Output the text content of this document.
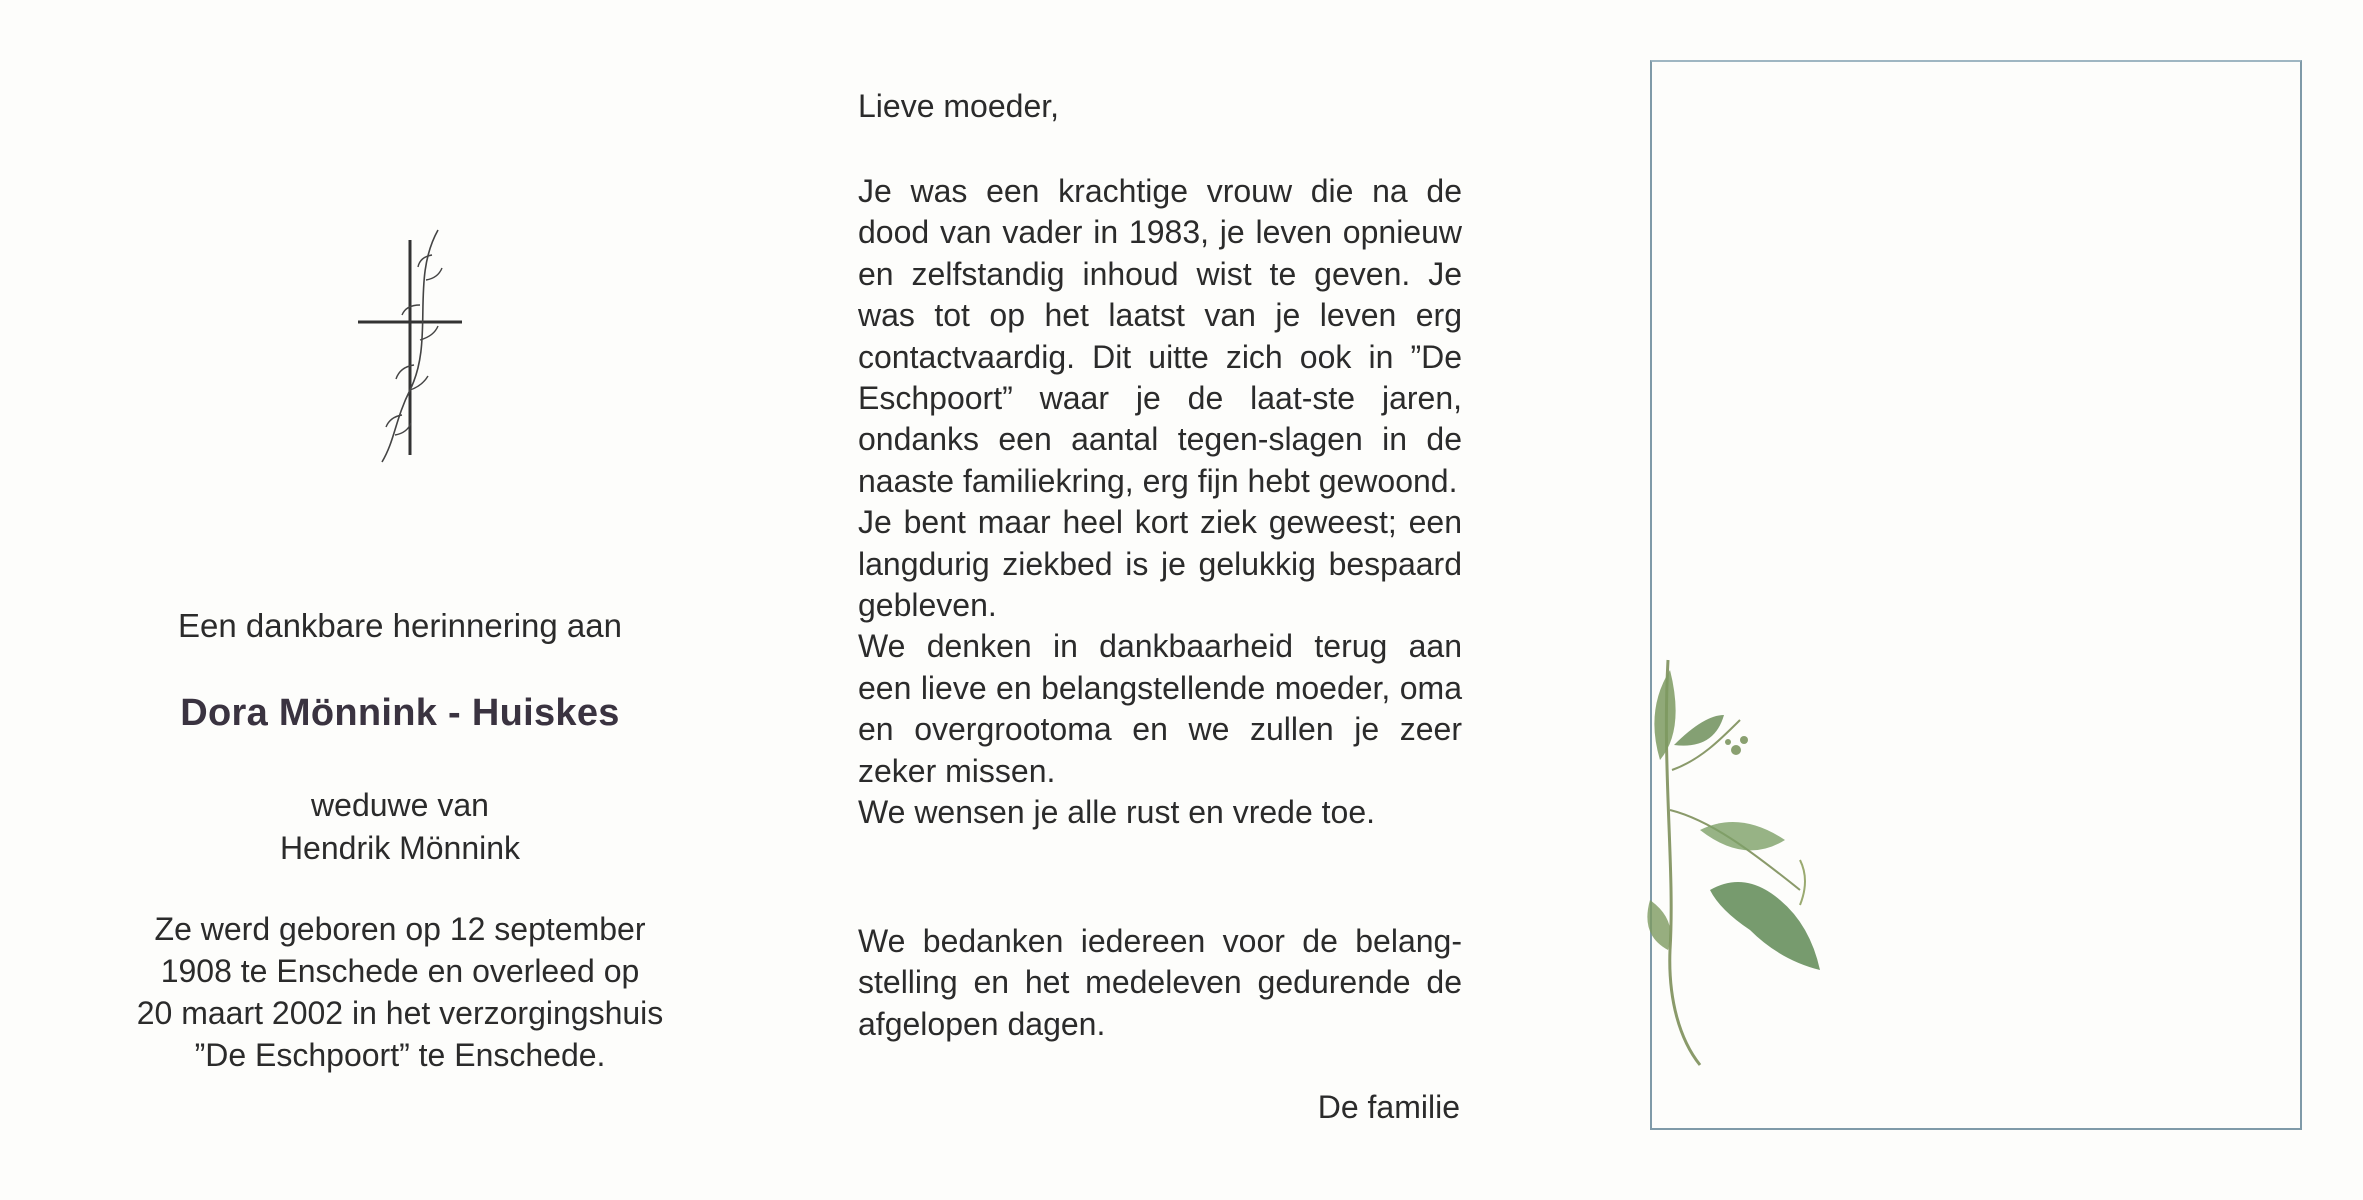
Een dankbare herinnering aan
Dora Mönnink - Huiskes
weduwe van
Hendrik Mönnink
Ze werd geboren op 12 september
1908 te Enschede en overleed op
20 maart 2002 in het verzorgingshuis
”De Eschpoort” te Enschede.
Lieve moeder,

Je was een krachtige vrouw die na de dood van vader in 1983, je leven opnieuw en zelfstandig inhoud wist te geven. Je was tot op het laatst van je leven erg contactvaardig. Dit uitte zich ook in ”De Eschpoort” waar je de laat-ste jaren, ondanks een aantal tegen-slagen in de naaste familiekring, erg fijn hebt gewoond.

Je bent maar heel kort ziek geweest; een langdurig ziekbed is je gelukkig bespaard gebleven.

We denken in dankbaarheid terug aan een lieve en belangstellende moeder, oma en overgrootoma en we zullen je zeer zeker missen.

We wensen je alle rust en vrede toe.

We bedanken iedereen voor de belang-stelling en het medeleven gedurende de afgelopen dagen.

De familie
